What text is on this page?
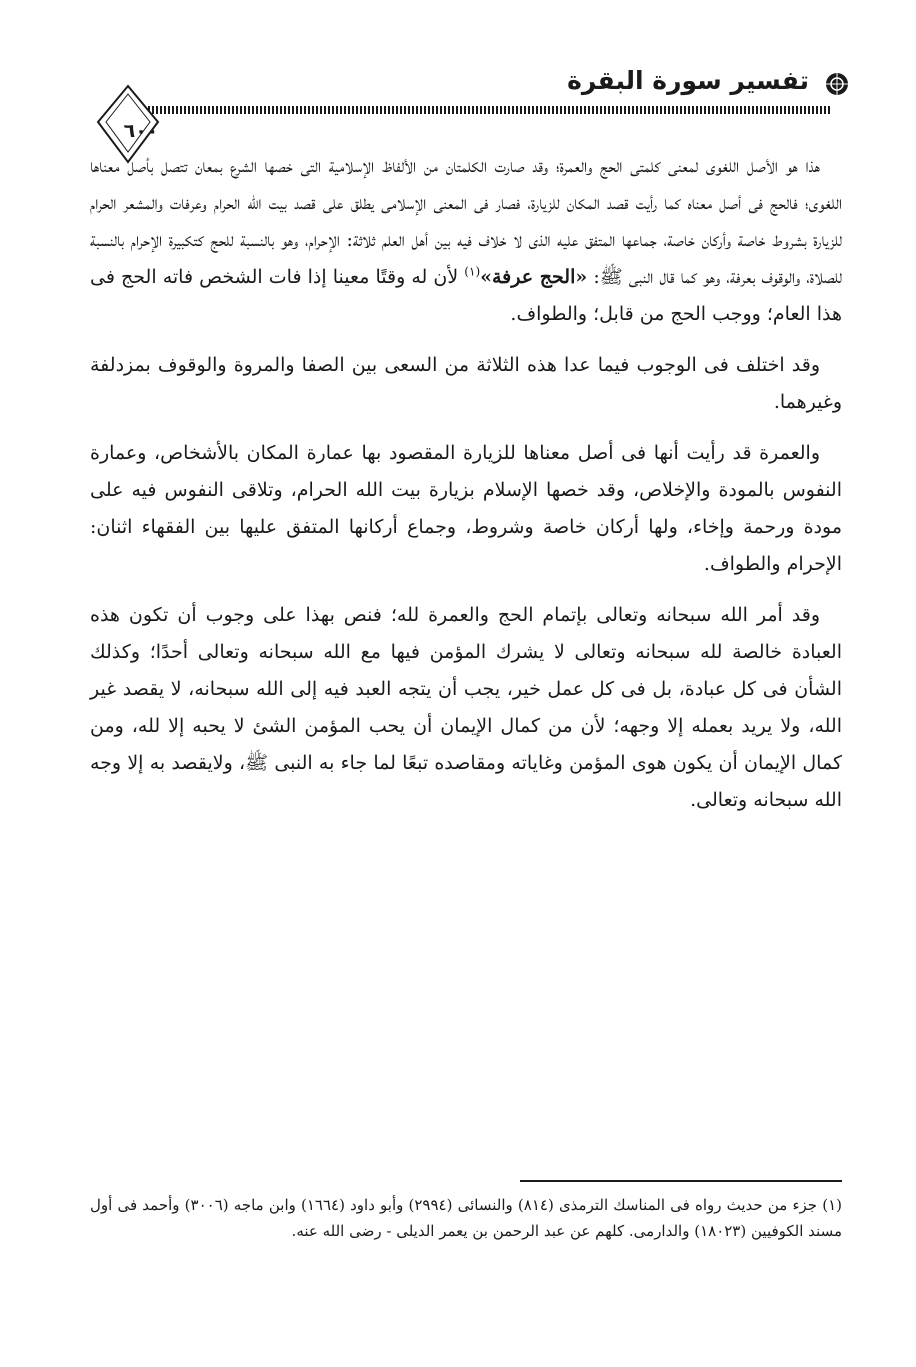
تفسير سورة البقرة
٦٠٠

هذا هو الأصل اللغوى لمعنى كلمتى الحج والعمرة؛ وقد صارت الكلمتان من الألفاظ الإسلامية التى خصها الشرع بمعان تتصل بأصل معناها اللغوى؛ فالحج فى أصل معناه كما رأيت قصد المكان للزيارة، فصار فى المعنى الإسلامى يطلق على قصد بيت الله الحرام وعرفات والمشعر الحرام للزيارة بشروط خاصة وأركان خاصة، جماعها المتفق عليه الذى لا خلاف فيه بين أهل العلم ثلاثة: الإحرام، وهو بالنسبة للحج كتكبيرة الإحرام بالنسبة للصلاة، والوقوف بعرفة، وهو كما قال النبى ﷺ: «الحج عرفة»$^{(١)}$ لأن له وقتًا معينا إذا فات الشخص فاته الحج فى هذا العام؛ ووجب الحج من قابل؛ والطواف.

وقد اختلف فى الوجوب فيما عدا هذه الثلاثة من السعى بين الصفا والمروة والوقوف بمزدلفة وغيرهما.

والعمرة قد رأيت أنها فى أصل معناها للزيارة المقصود بها عمارة المكان بالأشخاص، وعمارة النفوس بالمودة والإخلاص، وقد خصها الإسلام بزيارة بيت الله الحرام، وتلاقى النفوس فيه على مودة ورحمة وإخاء، ولها أركان خاصة وشروط، وجماع أركانها المتفق عليها بين الفقهاء اثنان: الإحرام والطواف.

وقد أمر الله سبحانه وتعالى بإتمام الحج والعمرة لله؛ فنص بهذا على وجوب أن تكون هذه العبادة خالصة لله سبحانه وتعالى لا يشرك المؤمن فيها مع الله سبحانه وتعالى أحدًا؛ وكذلك الشأن فى كل عبادة، بل فى كل عمل خير، يجب أن يتجه العبد فيه إلى الله سبحانه، لا يقصد غير الله، ولا يريد بعمله إلا وجهه؛ لأن من كمال الإيمان أن يحب المؤمن الشئ لا يحبه إلا لله، ومن كمال الإيمان أن يكون هوى المؤمن وغاياته ومقاصده تبعًا لما جاء به النبى ﷺ، ولايقصد به إلا وجه الله سبحانه وتعالى.

(١) جزء من حديث رواه فى المناسك الترمذى (٨١٤) والنسائى (٢٩٩٤) وأبو داود (١٦٦٤) وابن ماجه (٣٠٠٦) وأحمد فى أول مسند الكوفيين (١٨٠٢٣) والدارمى. كلهم عن عبد الرحمن بن يعمر الديلى - رضى الله عنه.
